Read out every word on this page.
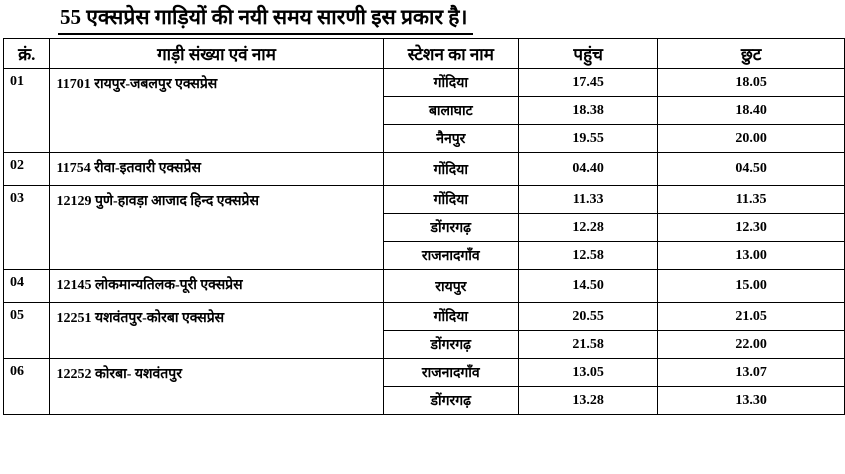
55 एक्सप्रेस गाड़ियों की नयी समय सारणी इस प्रकार है।
क्रं.	गाड़ी संख्या एवं नाम	स्टेशन का नाम	पहुंच	छुट
01	11701 रायपुर-जबलपुर एक्सप्रेस	गोंदिया	17.45	18.05
		बालाघाट	18.38	18.40
		नैनपुर	19.55	20.00
02	11754 रीवा-इतवारी एक्सप्रेस	गोंदिया	04.40	04.50
03	12129 पुणे-हावड़ा आजाद हिन्द एक्सप्रेस	गोंदिया	11.33	11.35
		डोंगरगढ़	12.28	12.30
		राजनादगाँव	12.58	13.00
04	12145 लोकमान्यतिलक-पूरी एक्सप्रेस	रायपुर	14.50	15.00
05	12251 यशवंतपुर-कोरबा एक्सप्रेस	गोंदिया	20.55	21.05
		डोंगरगढ़	21.58	22.00
06	12252 कोरबा- यशवंतपुर	राजनादगाँव	13.05	13.07
		डोंगरगढ़	13.28	13.30
